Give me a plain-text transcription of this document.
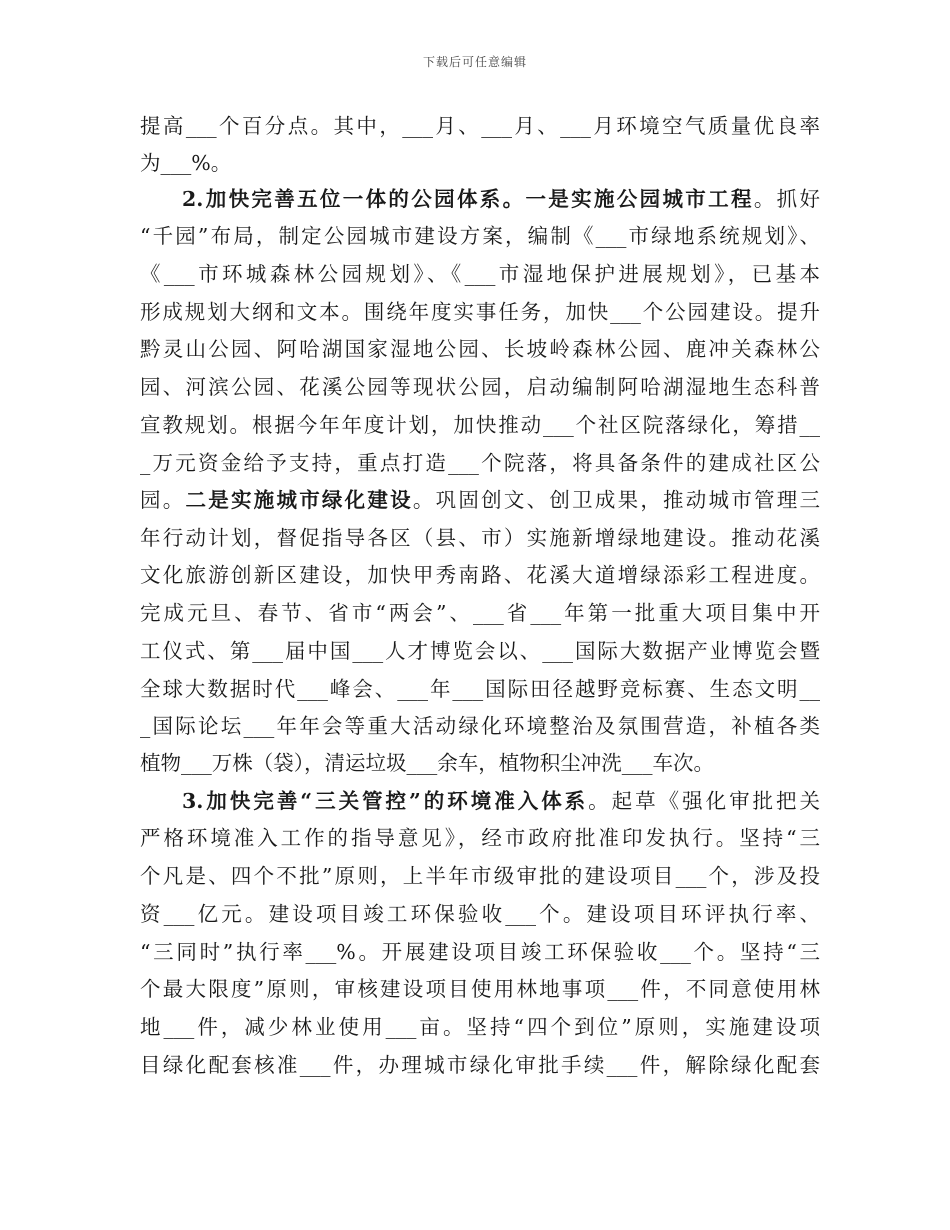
下载后可任意编辑
提高___个百分点。其中，___月、___月、___月环境空气质量优良率
为___%。
2.加快完善五位一体的公园体系。一是实施公园城市工程。抓好
“千园”布局，制定公园城市建设方案，编制《___市绿地系统规划》、
《___市环城森林公园规划》、《___市湿地保护进展规划》，已基本
形成规划大纲和文本。围绕年度实事任务，加快___个公园建设。提升
黔灵山公园、阿哈湖国家湿地公园、长坡岭森林公园、鹿冲关森林公
园、河滨公园、花溪公园等现状公园，启动编制阿哈湖湿地生态科普
宣教规划。根据今年年度计划，加快推动___个社区院落绿化，筹措__
_万元资金给予支持，重点打造___个院落，将具备条件的建成社区公
园。二是实施城市绿化建设。巩固创文、创卫成果，推动城市管理三
年行动计划，督促指导各区（县、市）实施新增绿地建设。推动花溪
文化旅游创新区建设，加快甲秀南路、花溪大道增绿添彩工程进度。
完成元旦、春节、省市“两会”、___省___年第一批重大项目集中开
工仪式、第___届中国___人才博览会以、___国际大数据产业博览会暨
全球大数据时代___峰会、___年___国际田径越野竞标赛、生态文明__
_国际论坛___年年会等重大活动绿化环境整治及氛围营造，补植各类
植物___万株（袋），清运垃圾___余车，植物积尘冲洗___车次。
3.加快完善“三关管控”的环境准入体系。起草《强化审批把关
严格环境准入工作的指导意见》，经市政府批准印发执行。坚持“三
个凡是、四个不批”原则，上半年市级审批的建设项目___个，涉及投
资___亿元。建设项目竣工环保验收___个。建设项目环评执行率、
“三同时”执行率___%。开展建设项目竣工环保验收___个。坚持“三
个最大限度”原则，审核建设项目使用林地事项___件，不同意使用林
地___件，减少林业使用___亩。坚持“四个到位”原则，实施建设项
目绿化配套核准___件，办理城市绿化审批手续___件，解除绿化配套
